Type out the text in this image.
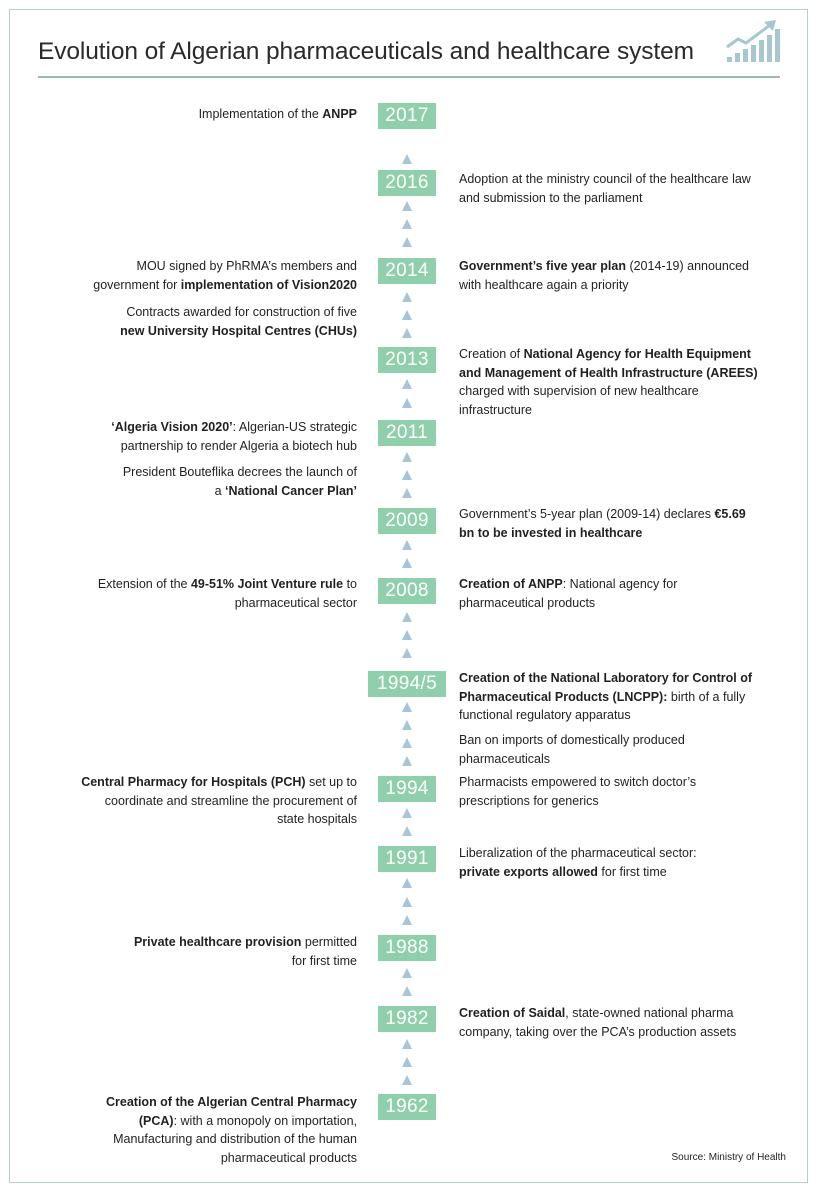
Evolution of Algerian pharmaceuticals and healthcare system
2017
2016
2014
2013
2011
2009
2008
1994/5
1994
1991
1988
1982
1962
Implementation of the ANPP
Adoption at the ministry council of the healthcare law and submission to the parliament
MOU signed by PhRMA’s members and government for implementation of Vision2020
Government’s five year plan (2014-19) announced with healthcare again a priority
Contracts awarded for construction of five new University Hospital Centres (CHUs)
Creation of National Agency for Health Equipment and Management of Health Infrastructure (AREES) charged with supervision of new healthcare infrastructure
‘Algeria Vision 2020’: Algerian-US strategic partnership to render Algeria a biotech hub
President Bouteflika decrees the launch of a ‘National Cancer Plan’
Government’s 5-year plan (2009-14) declares €5.69 bn to be invested in healthcare
Extension of the 49-51% Joint Venture rule to pharmaceutical sector
Creation of ANPP: National agency for pharmaceutical products
Creation of the National Laboratory for Control of Pharmaceutical Products (LNCPP): birth of a fully functional regulatory apparatus
Ban on imports of domestically produced pharmaceuticals
Central Pharmacy for Hospitals (PCH) set up to coordinate and streamline the procurement of state hospitals
Pharmacists empowered to switch doctor’s prescriptions for generics
Liberalization of the pharmaceutical sector: private exports allowed for first time
Private healthcare provision permitted for first time
Creation of Saidal, state-owned national pharma company, taking over the PCA’s production assets
Creation of the Algerian Central Pharmacy (PCA): with a monopoly on importation, Manufacturing and distribution of the human pharmaceutical products	Source: Ministry of Health
